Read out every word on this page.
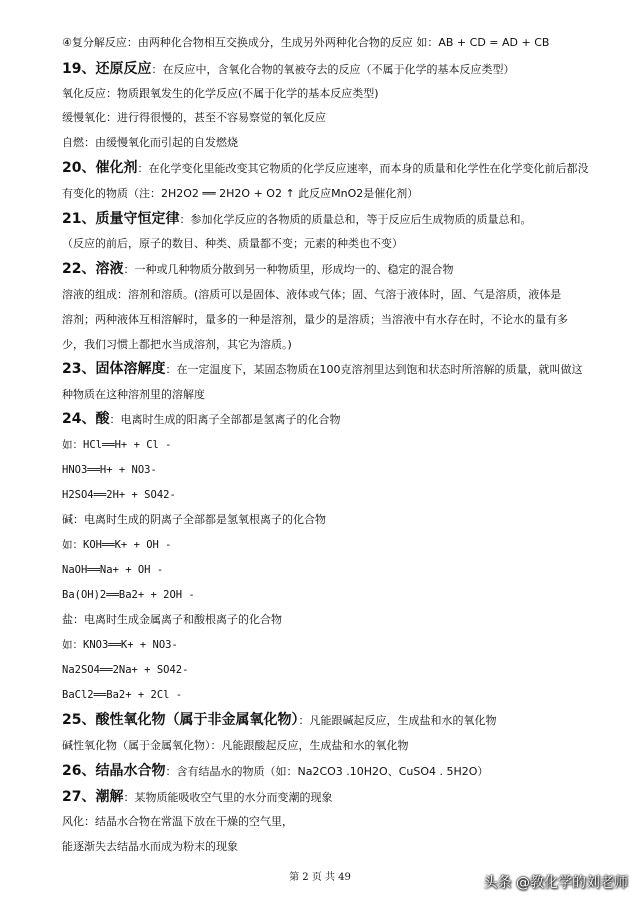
④复分解反应：由两种化合物相互交换成分，生成另外两种化合物的反应 如：AB + CD = AD + CB
19、还原反应：在反应中，含氧化合物的氧被夺去的反应（不属于化学的基本反应类型）
氧化反应：物质跟氧发生的化学反应(不属于化学的基本反应类型)
缓慢氧化：进行得很慢的，甚至不容易察觉的氧化反应
自燃：由缓慢氧化而引起的自发燃烧
20、催化剂：在化学变化里能改变其它物质的化学反应速率，而本身的质量和化学性在化学变化前后都没
有变化的物质（注：2H2O2 ══ 2H2O + O2 ↑ 此反应MnO2是催化剂）
21、质量守恒定律：参加化学反应的各物质的质量总和，等于反应后生成物质的质量总和。
（反应的前后，原子的数目、种类、质量都不变；元素的种类也不变）
22、溶液：一种或几种物质分散到另一种物质里，形成均一的、稳定的混合物
溶液的组成：溶剂和溶质。(溶质可以是固体、液体或气体；固、气溶于液体时，固、气是溶质，液体是
溶剂；两种液体互相溶解时，量多的一种是溶剂，量少的是溶质；当溶液中有水存在时，不论水的量有多
少，我们习惯上都把水当成溶剂，其它为溶质。)
23、固体溶解度：在一定温度下，某固态物质在100克溶剂里达到饱和状态时所溶解的质量，就叫做这
种物质在这种溶剂里的溶解度
24、酸：电离时生成的阳离子全部都是氢离子的化合物
如：HCl══H+ + Cl -
HNO3══H+ + NO3-
H2SO4══2H+ + SO42-
碱：电离时生成的阴离子全部都是氢氧根离子的化合物
如：KOH══K+ + OH -
NaOH══Na+ + OH -
Ba(OH)2══Ba2+ + 2OH -
盐：电离时生成金属离子和酸根离子的化合物
如：KNO3══K+ + NO3-
Na2SO4══2Na+ + SO42-
BaCl2══Ba2+ + 2Cl -
25、酸性氧化物（属于非金属氧化物）：凡能跟碱起反应，生成盐和水的氧化物
碱性氧化物（属于金属氧化物）：凡能跟酸起反应，生成盐和水的氧化物
26、结晶水合物：含有结晶水的物质（如：Na2CO3 .10H2O、CuSO4 . 5H2O）
27、潮解：某物质能吸收空气里的水分而变潮的现象
风化：结晶水合物在常温下放在干燥的空气里，
能逐渐失去结晶水而成为粉末的现象
第 2 页 共 49	头条 @教化学的刘老师
